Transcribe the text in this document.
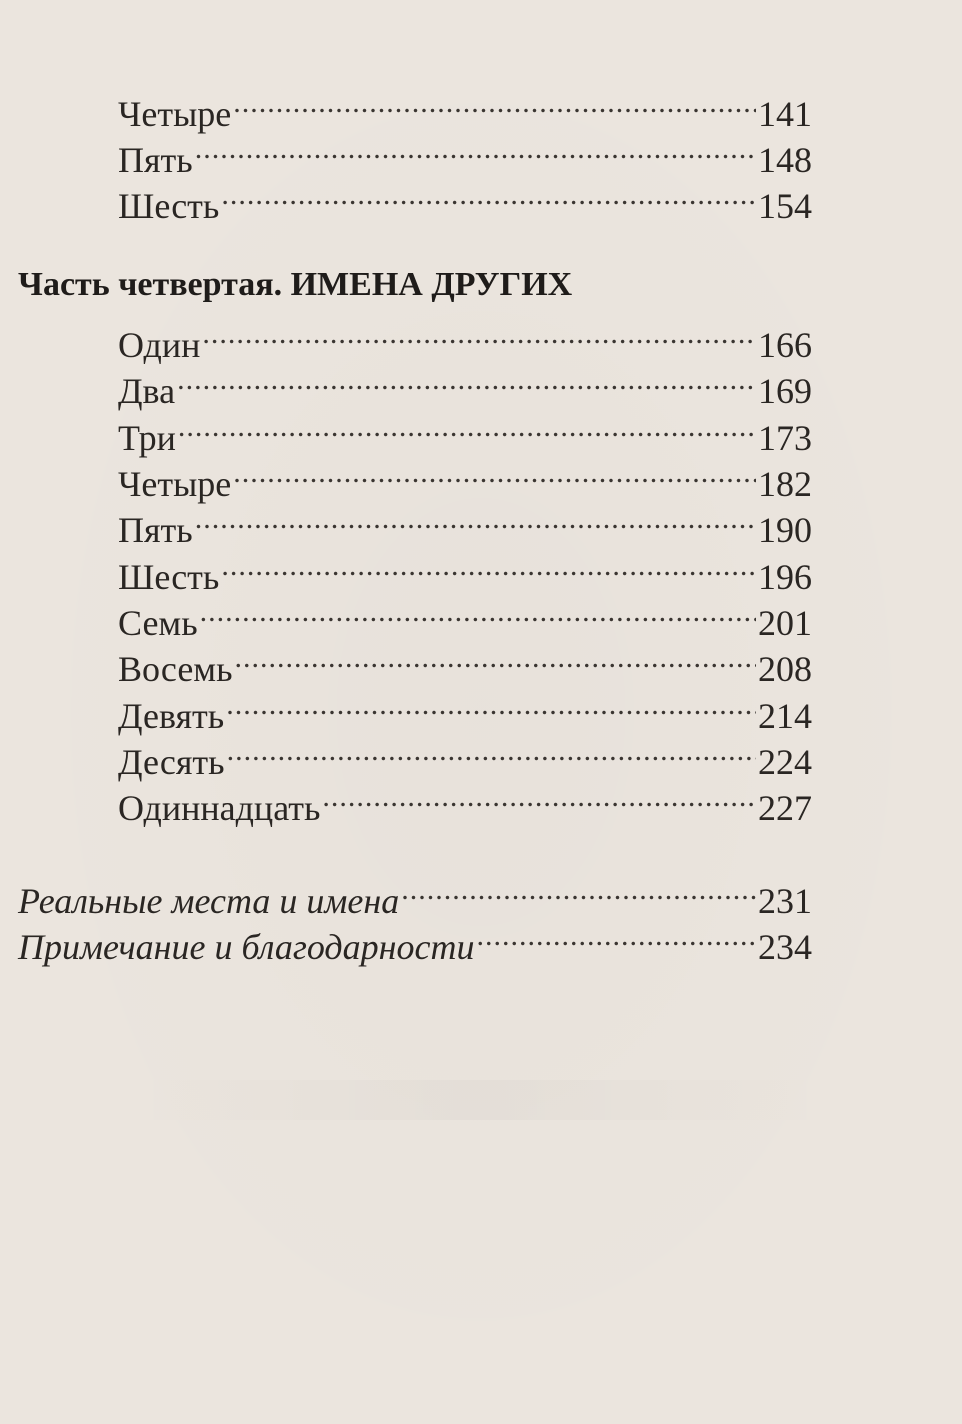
Четыре .....	141
Пять .....	148
Шесть .....	154
Часть четвертая. ИМЕНА ДРУГИХ
Один .....	166
Два .....	169
Три .....	173
Четыре .....	182
Пять .....	190
Шесть .....	196
Семь .....	201
Восемь .....	208
Девять .....	214
Десять .....	224
Одиннадцать .....	227
Реальные места и имена .....	231
Примечание и благодарности .....	234
